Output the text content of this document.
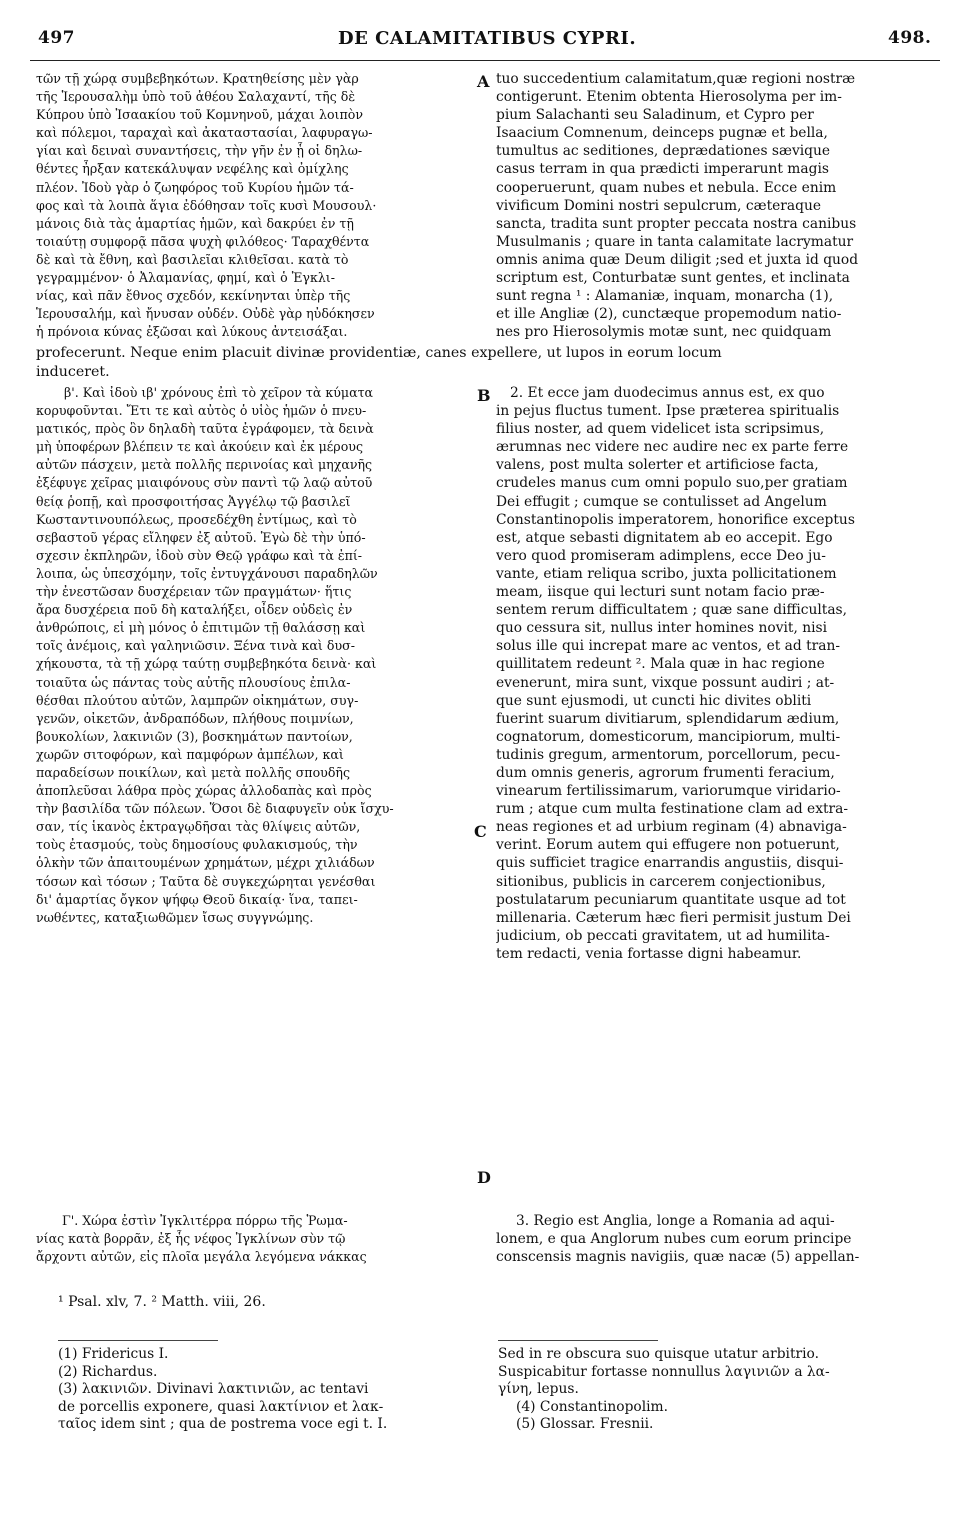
497	DE CALAMITATIBUS CYPRI.	498.
τῶν τῇ χώρᾳ συμβεβηκότων. Κρατηθείσης μὲν γὰρ
τῆς Ἱερουσαλὴμ ὑπὸ τοῦ ἀθέου Σαλαχαντί, τῆς δὲ
Κύπρου ὑπὸ Ἰσαακίου τοῦ Κομνηνοῦ, μάχαι λοιπὸν
καὶ πόλεμοι, ταραχαὶ καὶ ἀκαταστασίαι, λαφυραγω-
γίαι καὶ δειναὶ συναντήσεις, τὴν γῆν ἐν ᾗ οἱ δηλω-
θέντες ἦρξαν κατεκάλυψαν νεφέλης καὶ ὀμίχλης
πλέον. Ἰδοὺ γὰρ ὁ ζωηφόρος τοῦ Κυρίου ἡμῶν τά-
φος καὶ τὰ λοιπὰ ἅγια ἐδόθησαν τοῖς κυσὶ Μουσουλ·
μάνοις διὰ τὰς ἁμαρτίας ἡμῶν, καὶ δακρύει ἐν τῇ
τοιαύτῃ συμφορᾷ πᾶσα ψυχὴ φιλόθεος· Ταραχθέντα
δὲ καὶ τὰ ἔθνη, καὶ βασιλεῖαι κλιθεῖσαι. κατὰ τὸ
γεγραμμένον· ὁ Ἀλαμανίας, φημί, καὶ ὁ Ἐγκλι-
νίας, καὶ πᾶν ἔθνος σχεδόν, κεκίνηνται ὑπὲρ τῆς
Ἱερουσαλήμ, καὶ ἤνυσαν οὐδέν. Οὐδὲ γὰρ ηὐδόκησεν
ἡ πρόνοια κύνας ἐξῶσαι καὶ λύκους ἀντεισάξαι.
A tuo succedentium calamitatum,quæ regioni nostræ
contigerunt. Etenim obtenta Hierosolyma per im-
pium Salachanti seu Saladinum, et Cypro per
Isaacium Comnenum, deinceps pugnæ et bella,
tumultus ac seditiones, deprædationes sævique
casus terram in qua prædicti imperarunt magis
cooperuerunt, quam nubes et nebula. Ecce enim
vivificum Domini nostri sepulcrum, cæteraque
sancta, tradita sunt propter peccata nostra canibus
Musulmanis ; quare in tanta calamitate lacrymatur
omnis anima quæ Deum diligit ;sed et juxta id quod
scriptum est, Conturbatæ sunt gentes, et inclinata
sunt regna ¹ : Alamaniæ, inquam, monarcha (1),
et ille Angliæ (2), cunctæque propemodum natio-
nes pro Hierosolymis motæ sunt, nec quidquam
profecerunt. Neque enim placuit divinæ providentiæ, canes expellere, ut lupos in eorum locum
induceret.
β'. Καὶ ἰδοὺ ιβ' χρόνους ἐπὶ τὸ χεῖρον τὰ κύματα
κορυφοῦνται. Ἔτι τε καὶ αὐτὸς ὁ υἱὸς ἡμῶν ὁ πνευ-
ματικός, πρὸς ὃν δηλαδὴ ταῦτα ἐγράφομεν, τὰ δεινὰ
μὴ ὑποφέρων βλέπειν τε καὶ ἀκούειν καὶ ἐκ μέρους
αὐτῶν πάσχειν, μετὰ πολλῆς περινοίας καὶ μηχανῆς
ἐξέφυγε χεῖρας μιαιφόνους σὺν παντὶ τῷ λαῷ αὐτοῦ
θείᾳ ῥοπῇ, καὶ προσφοιτήσας Ἀγγέλῳ τῷ βασιλεῖ
Κωσταντινουπόλεως, προσεδέχθη ἐντίμως, καὶ τὸ
σεβαστοῦ γέρας εἴληφεν ἐξ αὐτοῦ. Ἐγὼ δὲ τὴν ὑπό-
σχεσιν ἐκπληρῶν, ἰδοὺ σὺν Θεῷ γράφω καὶ τὰ ἐπί-
λοιπα, ὡς ὑπεσχόμην, τοῖς ἐντυγχάνουσι παραδηλῶν
τὴν ἐνεστῶσαν δυσχέρειαν τῶν πραγμάτων· ἥτις
ἄρα δυσχέρεια ποῦ δὴ καταλήξει, οἶδεν οὐδεὶς ἐν
ἀνθρώποις, εἰ μὴ μόνος ὁ ἐπιτιμῶν τῇ θαλάσσῃ καὶ
τοῖς ἀνέμοις, καὶ γαληνιῶσιν. Ξένα τινὰ καὶ δυσ-
χήκουστα, τὰ τῇ χώρᾳ ταύτῃ συμβεβηκότα δεινὰ· καὶ
τοιαῦτα ὡς πάντας τοὺς αὐτῆς πλουσίους ἐπιλα-
θέσθαι πλούτου αὐτῶν, λαμπρῶν οἰκημάτων, συγ-
γενῶν, οἰκετῶν, ἀνδραπόδων, πλήθους ποιμνίων,
βουκολίων, λακινιῶν (3), βοσκημάτων παντοίων,
χωρῶν σιτοφόρων, καὶ παμφόρων ἀμπέλων, καὶ
παραδείσων ποικίλων, καὶ μετὰ πολλῆς σπουδῆς
ἀποπλεῦσαι λάθρα πρὸς χώρας ἀλλοδαπὰς καὶ πρὸς
τὴν βασιλίδα τῶν πόλεων. Ὅσοι δὲ διαφυγεῖν οὐκ ἴσχυ-
σαν, τίς ἱκανὸς ἐκτραγῳδῆσαι τὰς θλίψεις αὐτῶν,
τοὺς ἐτασμούς, τοὺς δημοσίους φυλακισμούς, τὴν
ὁλκὴν τῶν ἀπαιτουμένων χρημάτων, μέχρι χιλιάδων
τόσων καὶ τόσων ; Ταῦτα δὲ συγκεχώρηται γενέσθαι
δι' ἁμαρτίας ὄγκον ψήφῳ Θεοῦ δικαίᾳ· ἵνα, ταπει-
νωθέντες, καταξιωθῶμεν ἴσως συγγνώμης.
B
C
D
2. Et ecce jam duodecimus annus est, ex quo
in pejus fluctus tument. Ipse præterea spiritualis
filius noster, ad quem videlicet ista scripsimus,
ærumnas nec videre nec audire nec ex parte ferre
valens, post multa solerter et artificiose facta,
crudeles manus cum omni populo suo,per gratiam
Dei effugit ; cumque se contulisset ad Angelum
Constantinopolis imperatorem, honorifice exceptus
est, atque sebasti dignitatem ab eo accepit. Ego
vero quod promiseram adimplens, ecce Deo ju-
vante, etiam reliqua scribo, juxta pollicitationem
meam, iisque qui lecturi sunt notam facio præ-
sentem rerum difficultatem ; quæ sane difficultas,
quo cessura sit, nullus inter homines novit, nisi
solus ille qui increpat mare ac ventos, et ad tran-
quillitatem redeunt ². Mala quæ in hac regione
evenerunt, mira sunt, vixque possunt audiri ; at-
que sunt ejusmodi, ut cuncti hic divites obliti
fuerint suarum divitiarum, splendidarum ædium,
cognatorum, domesticorum, mancipiorum, multi-
tudinis gregum, armentorum, porcellorum, pecu-
dum omnis generis, agrorum frumenti feracium,
vinearum fertilissimarum, variorumque viridario-
rum ; atque cum multa festinatione clam ad extra-
neas regiones et ad urbium reginam (4) abnaviga-
verint. Eorum autem qui effugere non potuerunt,
quis sufficiet tragice enarrandis angustiis, disqui-
sitionibus, publicis in carcerem conjectionibus,
postulatarum pecuniarum quantitate usque ad tot
millenaria. Cæterum hæc fieri permisit justum Dei
judicium, ob peccati gravitatem, ut ad humilita-
tem redacti, venia fortasse digni habeamur.
Γ'. Χώρα ἐστὶν Ἰγκλιτέρρα πόρρω τῆς Ῥωμα-
νίας κατὰ βορρᾶν, ἐξ ἧς νέφος Ἰγκλίνων σὺν τῷ
ἄρχοντι αὐτῶν, εἰς πλοῖα μεγάλα λεγόμενα νάκκας
3. Regio est Anglia, longe a Romania ad aqui-
lonem, e qua Anglorum nubes cum eorum principe
conscensis magnis navigiis, quæ nacæ (5) appellan-
¹ Psal. xlv, 7. ² Matth. viii, 26.
(1) Fridericus I.
(2) Richardus.
(3) λακινιῶν. Divinavi λακτινιῶν, ac tentavi
de porcellis exponere, quasi λακτίνιον et λακ-
ταῖος idem sint ; qua de postrema voce egi t. I.
Sed in re obscura suo quisque utatur arbitrio.
Suspicabitur fortasse nonnullus λαγινιῶν a λα-
γίνη, lepus.
(4) Constantinopolim.
(5) Glossar. Fresnii.
